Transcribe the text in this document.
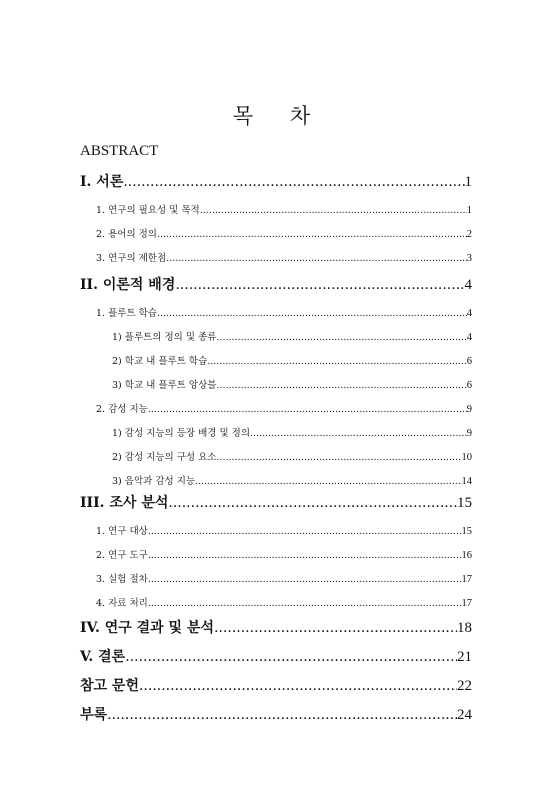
목 차
ABSTRACT
I. 서론 .....	1
1. 연구의 필요성 및 목적 .....	1
2. 용어의 정의 .....	2
3. 연구의 제한점 .....	3
II. 이론적 배경 .....	4
1. 플루트 학습 .....	4
1) 플루트의 정의 및 종류 .....	4
2) 학교 내 플루트 학습 .....	6
3) 학교 내 플루트 앙상블 .....	6
2. 감성 지능 .....	9
1) 감성 지능의 등장 배경 및 정의 .....	9
2) 감성 지능의 구성 요소 .....	10
3) 음악과 감성 지능 .....	14
III. 조사 분석 .....	15
1. 연구 대상 .....	15
2. 연구 도구 .....	16
3. 실험 절차 .....	17
4. 자료 처리 .....	17
IV. 연구 결과 및 분석 .....	18
V. 결론 .....	21
참고 문헌 .....	22
부록 .....	24
